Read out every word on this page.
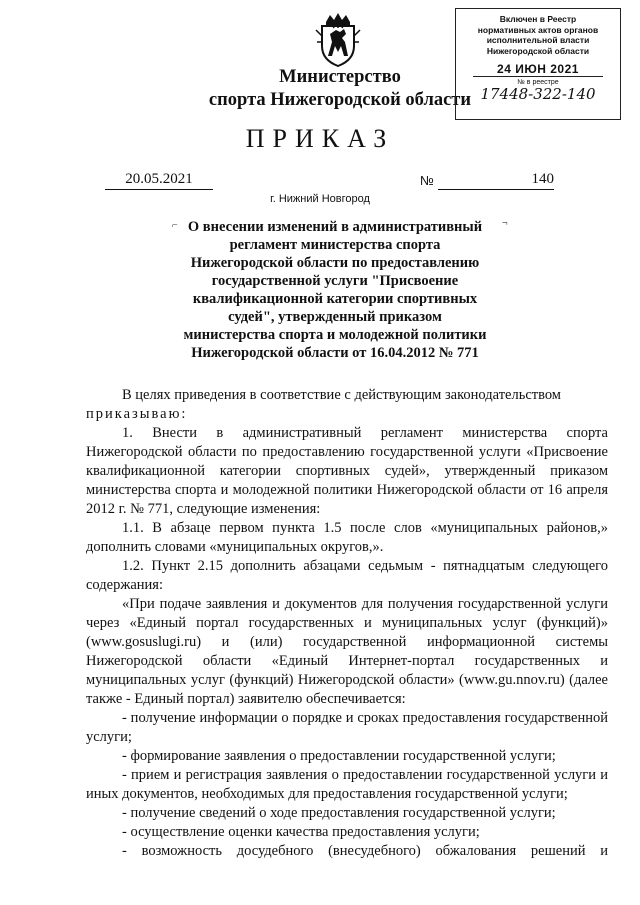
Министерство
спорта Нижегородской области
Включен в Реестр
нормативных актов органов
исполнительной власти
Нижегородской области
24 ИЮН 2021
№ в реестре
17448-322-140
ПРИКАЗ
20.05.2021	№	140
г. Нижний Новгород
⌐	¬
О внесении изменений в административный
регламент министерства спорта
Нижегородской области по предоставлению
государственной услуги "Присвоение
квалификационной категории спортивных
судей", утвержденный приказом
министерства спорта и молодежной политики
Нижегородской области от 16.04.2012 № 771

В целях приведения в соответствие с действующим законодательством

приказываю:

1. Внести в административный регламент министерства спорта Нижегородской области по предоставлению государственной услуги «Присвоение квалификационной категории спортивных судей», утвержденный приказом министерства спорта и молодежной политики Нижегородской области от 16 апреля 2012 г. № 771, следующие изменения:

1.1. В абзаце первом пункта 1.5 после слов «муниципальных районов,» дополнить словами «муниципальных округов,».

1.2. Пункт 2.15 дополнить абзацами седьмым - пятнадцатым следующего содержания:

«При подаче заявления и документов для получения государственной услуги через «Единый портал государственных и муниципальных услуг (функций)» (www.gosuslugi.ru) и (или) государственной информационной системы Нижегородской области «Единый Интернет-портал государственных и муниципальных услуг (функций) Нижегородской области» (www.gu.nnov.ru) (далее также - Единый портал) заявителю обеспечивается:

- получение информации о порядке и сроках предоставления государственной услуги;

- формирование заявления о предоставлении государственной услуги;

- прием и регистрация заявления о предоставлении государственной услуги и иных документов, необходимых для предоставления государственной услуги;

- получение сведений о ходе предоставления государственной услуги;

- осуществление оценки качества предоставления услуги;

- возможность досудебного (внесудебного) обжалования решений и
